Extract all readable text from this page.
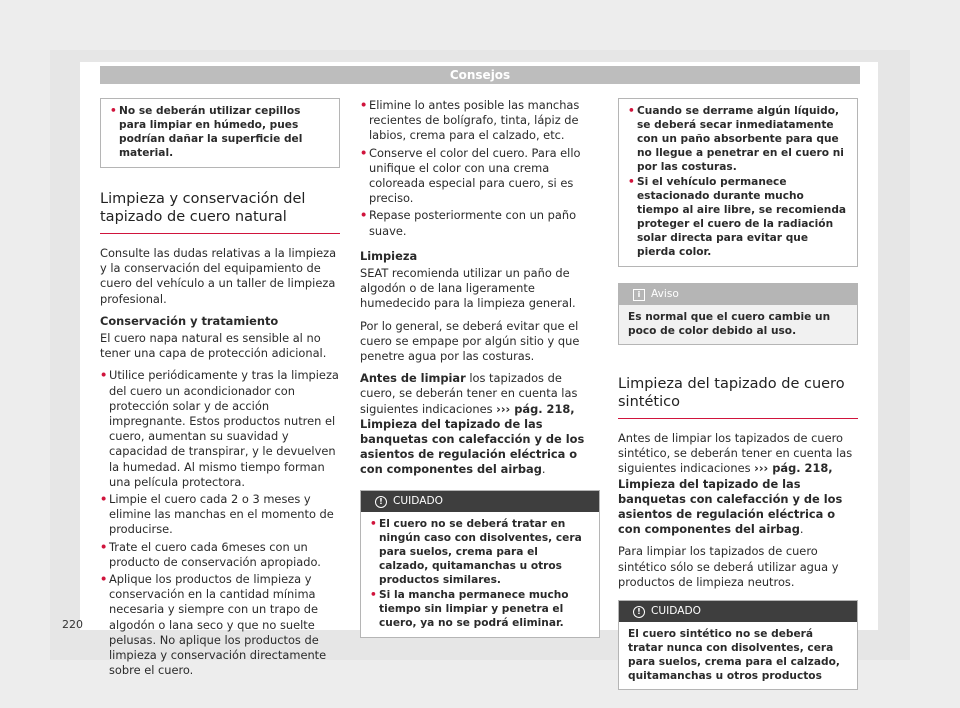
Consejos
• No se deberán utilizar cepillos para limpiar en húmedo, pues podrían dañar la superficie del material.
Limpieza y conservación del tapizado de cuero natural

Consulte las dudas relativas a la limpieza y la conservación del equipamiento de cuero del vehículo a un taller de limpieza profesional.

Conservación y tratamiento

El cuero napa natural es sensible al no tener una capa de protección adicional.

• Utilice periódicamente y tras la limpieza del cuero un acondicionador con protección solar y de acción impregnante. Estos productos nutren el cuero, aumentan su suavidad y capacidad de transpirar, y le devuelven la humedad. Al mismo tiempo forman una película protectora.
• Limpie el cuero cada 2 o 3 meses y elimine las manchas en el momento de producirse.
• Trate el cuero cada 6meses con un producto de conservación apropiado.
• Aplique los productos de limpieza y conservación en la cantidad mínima necesaria y siempre con un trapo de algodón o lana seco y que no suelte pelusas. No aplique los productos de limpieza y conservación directamente sobre el cuero.
• Elimine lo antes posible las manchas recientes de bolígrafo, tinta, lápiz de labios, crema para el calzado, etc.
• Conserve el color del cuero. Para ello unifique el color con una crema coloreada especial para cuero, si es preciso.
• Repase posteriormente con un paño suave.
Limpieza

SEAT recomienda utilizar un paño de algodón o de lana ligeramente humedecido para la limpieza general.

Por lo general, se deberá evitar que el cuero se empape por algún sitio y que penetre agua por las costuras.

Antes de limpiar los tapizados de cuero, se deberán tener en cuenta las siguientes indicaciones ››› pág. 218, Limpieza del tapizado de las banquetas con calefacción y de los asientos de regulación eléctrica o con componentes del airbag.

! CUIDADO
• El cuero no se deberá tratar en ningún caso con disolventes, cera para suelos, crema para el calzado, quitamanchas u otros productos similares.
• Si la mancha permanece mucho tiempo sin limpiar y penetra el cuero, ya no se podrá eliminar.
• Cuando se derrame algún líquido, se deberá secar inmediatamente con un paño absorbente para que no llegue a penetrar en el cuero ni por las costuras.
• Si el vehículo permanece estacionado durante mucho tiempo al aire libre, se recomienda proteger el cuero de la radiación solar directa para evitar que pierda color.
i	Aviso
Es normal que el cuero cambie un poco de color debido al uso.
Limpieza del tapizado de cuero sintético

Antes de limpiar los tapizados de cuero sintético, se deberán tener en cuenta las siguientes indicaciones ››› pág. 218, Limpieza del tapizado de las banquetas con calefacción y de los asientos de regulación eléctrica o con componentes del airbag.

Para limpiar los tapizados de cuero sintético sólo se deberá utilizar agua y productos de limpieza neutros.

! CUIDADO
El cuero sintético no se deberá tratar nunca con disolventes, cera para suelos, crema para el calzado, quitamanchas u otros productos
220
